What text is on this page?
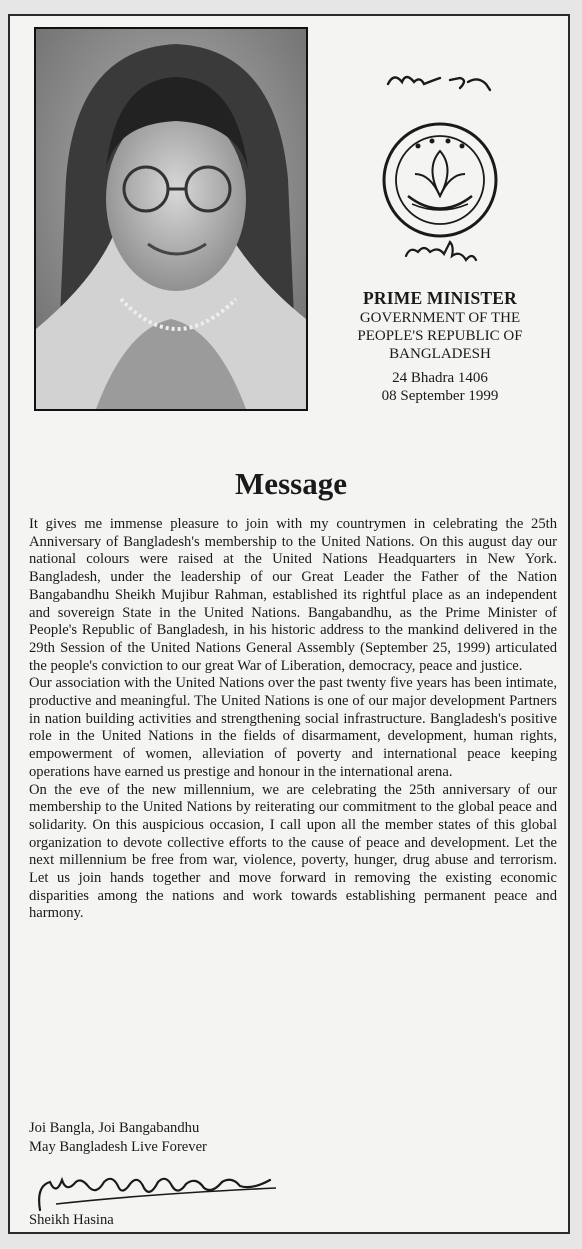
PRIME MINISTER
GOVERNMENT OF THE
PEOPLE'S REPUBLIC OF
BANGLADESH
24 Bhadra 1406
08 September 1999
Message

It gives me immense pleasure to join with my countrymen in celebrating the 25th Anniversary of Bangladesh's membership to the United Nations. On this august day our national colours were raised at the United Nations Headquarters in New York. Bangladesh, under the leadership of our Great Leader the Father of the Nation Bangabandhu Sheikh Mujibur Rahman, established its rightful place as an independent and sovereign State in the United Nations. Bangabandhu, as the Prime Minister of People's Republic of Bangladesh, in his historic address to the mankind delivered in the 29th Session of the United Nations General Assembly (September 25, 1999) articulated the people's conviction to our great War of Liberation, democracy, peace and justice.

Our association with the United Nations over the past twenty five years has been intimate, productive and meaningful. The United Nations is one of our major development Partners in nation building activities and strengthening social infrastructure. Bangladesh's positive role in the United Nations in the fields of disarmament, development, human rights, empowerment of women, alleviation of poverty and international peace keeping operations have earned us prestige and honour in the international arena.

On the eve of the new millennium, we are celebrating the 25th anniversary of our membership to the United Nations by reiterating our commitment to the global peace and solidarity. On this auspicious occasion, I call upon all the member states of this global organization to devote collective efforts to the cause of peace and development. Let the next millennium be free from war, violence, poverty, hunger, drug abuse and terrorism. Let us join hands together and move forward in removing the existing economic disparities among the nations and work towards establishing permanent peace and harmony.

Joi Bangla, Joi Bangabandhu
May Bangladesh Live Forever
Sheikh Hasina
